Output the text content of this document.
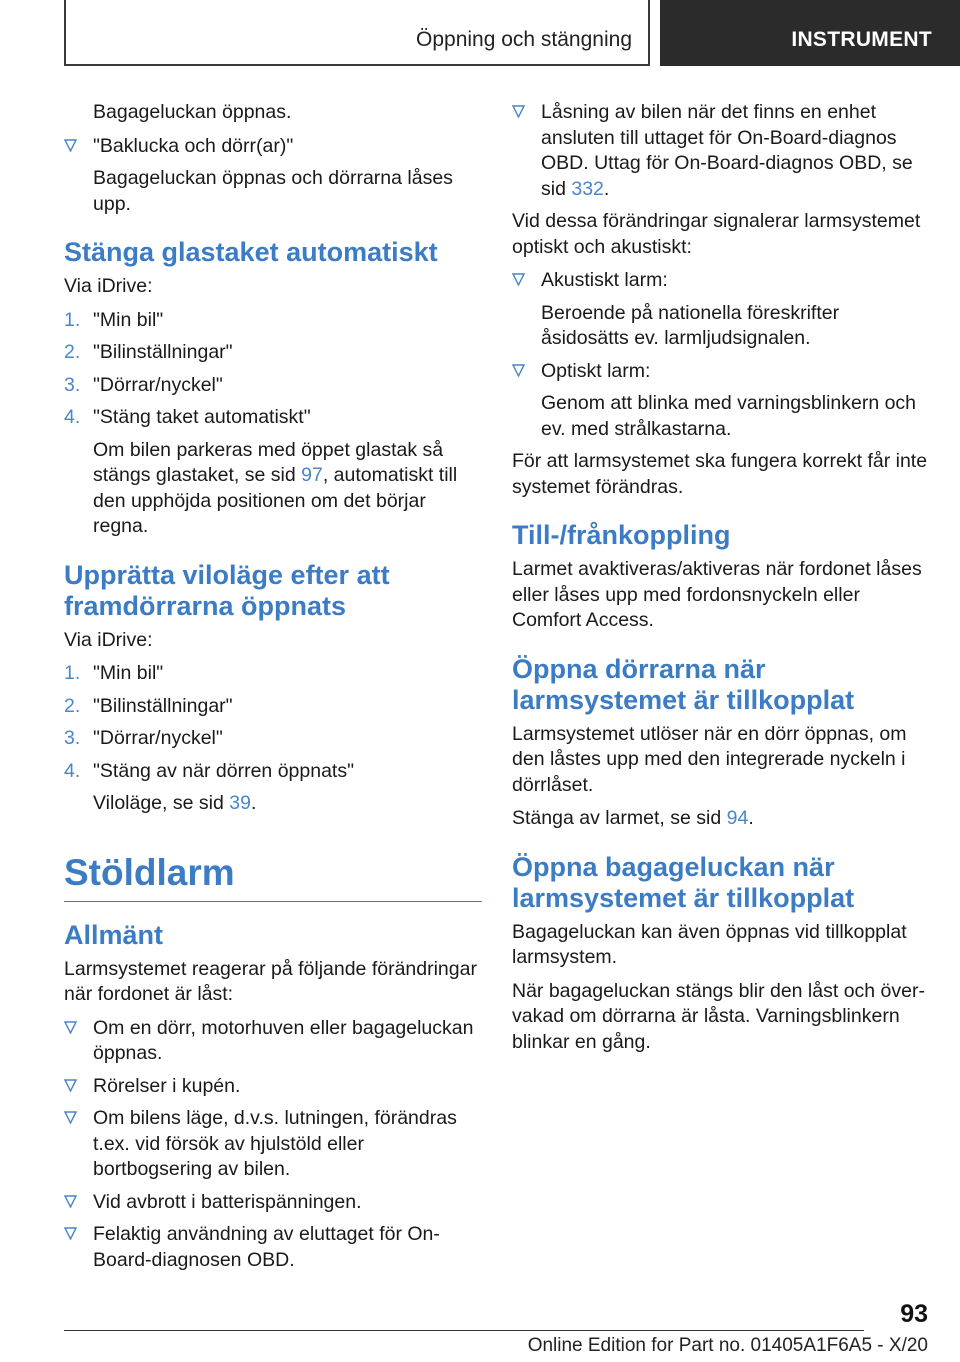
Öppning och stängning	INSTRUMENT

Bagageluckan öppnas.

"Baklucka och dörr(ar)"
Bagageluckan öppnas och dörrarna låses upp.
Stänga glastaket automatiskt

Via iDrive:

1. "Min bil"
2. "Bilinställningar"
3. "Dörrar/nyckel"
4. "Stäng taket automatiskt"
Om bilen parkeras med öppet glastak så stängs glastaket, se sid 97, automatiskt till den upphöjda positionen om det börjar regna.
Upprätta viloläge efter att framdörrarna öppnats

Via iDrive:

1. "Min bil"
2. "Bilinställningar"
3. "Dörrar/nyckel"
4. "Stäng av när dörren öppnats"
Viloläge, se sid 39.
Stöldlarm
Allmänt

Larmsystemet reagerar på följande förändringar när fordonet är låst:

Om en dörr, motorhuven eller bagageluckan öppnas.
Rörelser i kupén.
Om bilens läge, d.v.s. lutningen, förändras t.ex. vid försök av hjulstöld eller bortbogsering av bilen.
Vid avbrott i batterispänningen.
Felaktig användning av eluttaget för On-Board-diagnosen OBD.
Låsning av bilen när det finns en enhet ansluten till uttaget för On-Board-diagnos OBD. Uttag för On-Board-diagnos OBD, se sid 332.

Vid dessa förändringar signalerar larmsystemet optiskt och akustiskt:

Akustiskt larm:
Beroende på nationella föreskrifter åsidosätts ev. larmljudsignalen.
Optiskt larm:
Genom att blinka med varningsblinkern och ev. med strålkastarna.

För att larmsystemet ska fungera korrekt får inte systemet förändras.

Till-/frånkoppling

Larmet avaktiveras/aktiveras när fordonet låses eller låses upp med fordonsnyckeln eller Comfort Access.

Öppna dörrarna när larmsystemet är tillkopplat

Larmsystemet utlöser när en dörr öppnas, om den låstes upp med den integrerade nyckeln i dörrlåset.

Stänga av larmet, se sid 94.

Öppna bagageluckan när larmsystemet är tillkopplat

Bagageluckan kan även öppnas vid tillkopplat larmsystem.

När bagageluckan stängs blir den låst och övervakad om dörrarna är låsta. Varningsblinkern blinkar en gång.

93
Online Edition for Part no. 01405A1F6A5 - X/20
